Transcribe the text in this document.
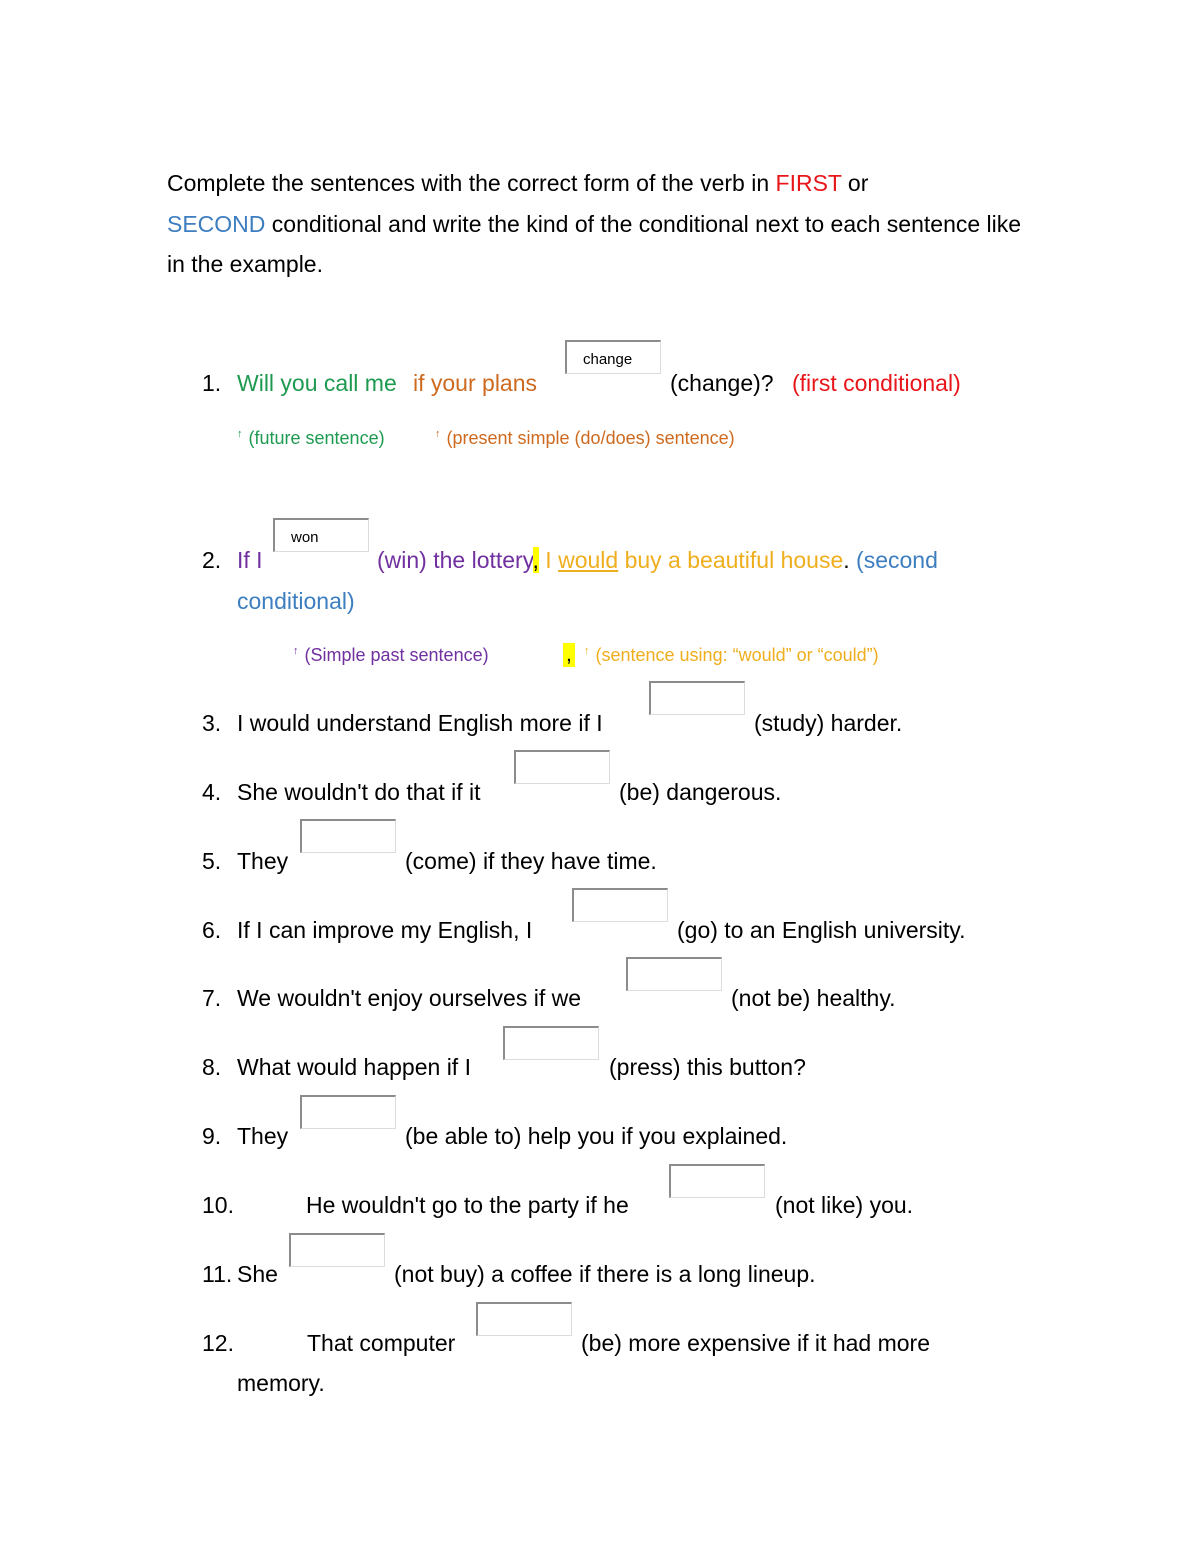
Complete the sentences with the correct form of the verb in FIRST or
SECOND conditional and write the kind of the conditional next to each sentence like in the example.
1. Will you call me if your plans
change	(change)? (first conditional)
↑ (future sentence)	↑ (present simple (do/does) sentence)
2. If I
won	(win) the lottery, I would buy a beautiful house. (second
conditional)
↑ (Simple past sentence)	, ↑ (sentence using: “would” or “could”)
3. I would understand English more if I	(study) harder.
4. She wouldn't do that if it	(be) dangerous.
5. They	(come) if they have time.
6. If I can improve my English, I	(go) to an English university.
7. We wouldn't enjoy ourselves if we	(not be) healthy.
8. What would happen if I	(press) this button?
9. They	(be able to) help you if you explained.
10.	He wouldn't go to the party if he	(not like) you.
11. She	(not buy) a coffee if there is a long lineup.
12.	That computer	(be) more expensive if it had more
memory.
